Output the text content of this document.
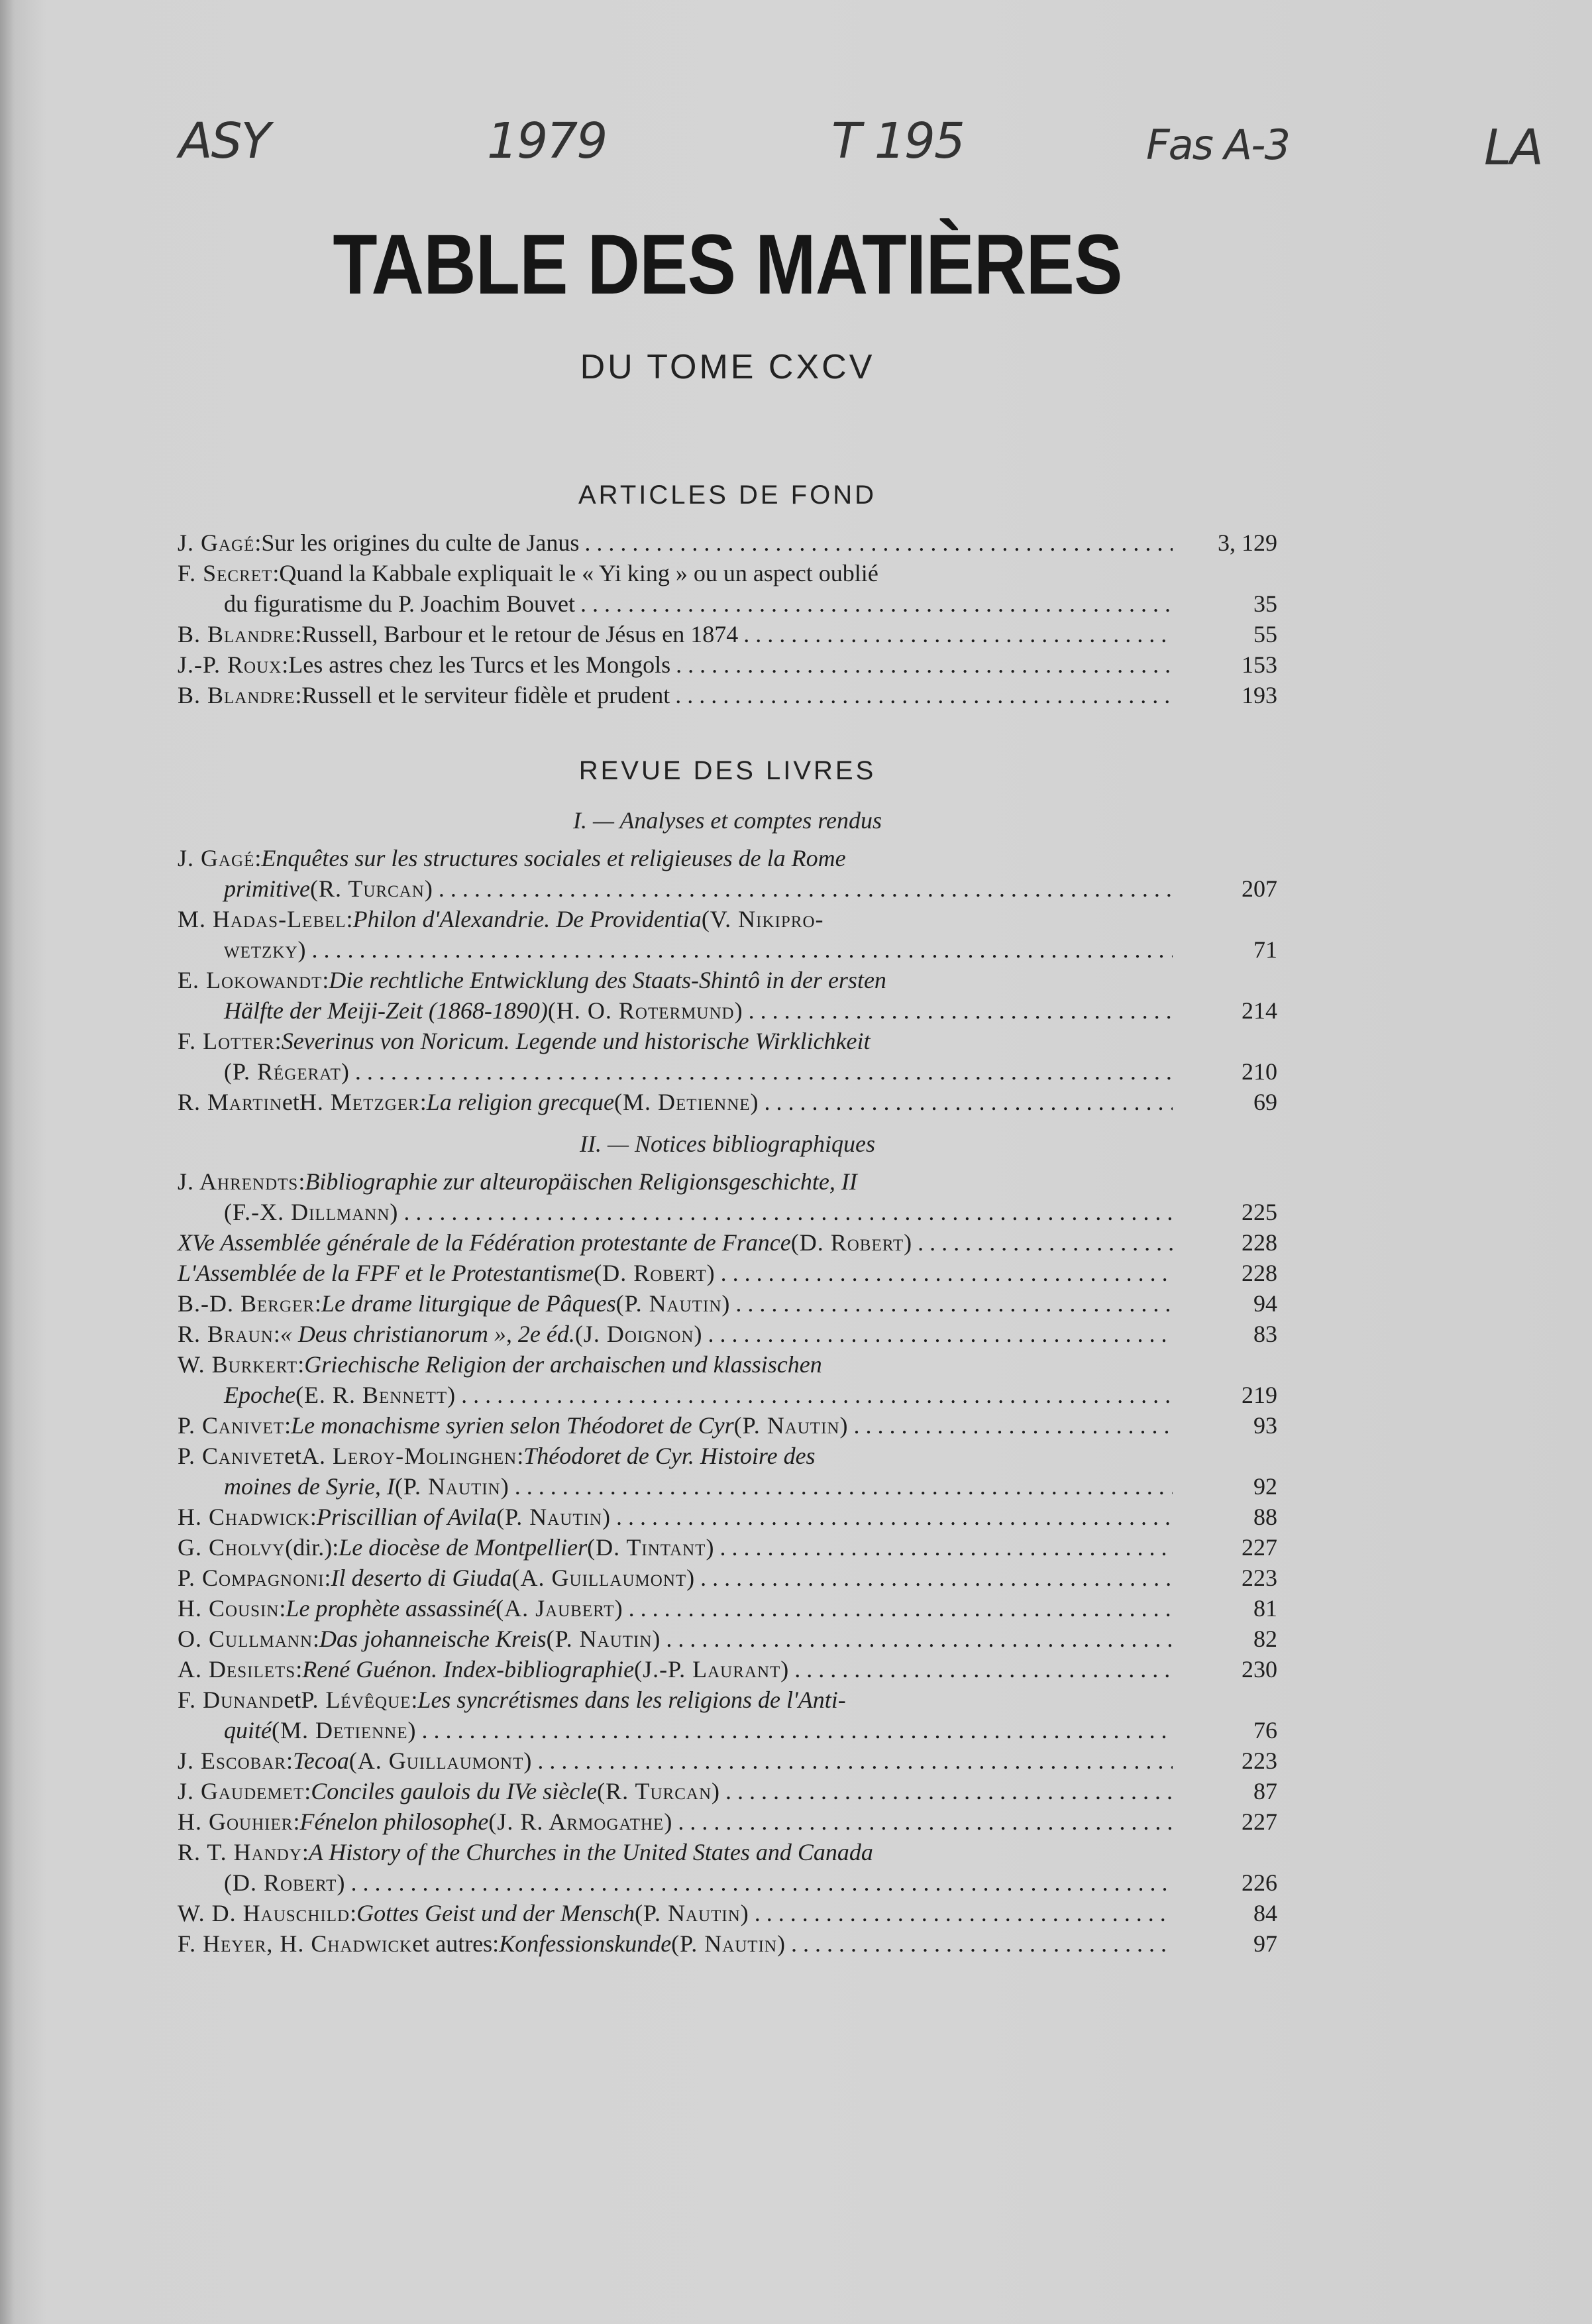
ASY	1979	T 195	Fas A-3	LA
TABLE DES MATIÈRES
DU TOME CXCV
ARTICLES DE FOND
J. Gagé : Sur les origines du culte de Janus . . .	3, 129
F. Secret : Quand la Kabbale expliquait le « Yi king » ou un aspect oublié
du figuratisme du P. Joachim Bouvet . . .	35
B. Blandre : Russell, Barbour et le retour de Jésus en 1874 . . .	55
J.-P. Roux : Les astres chez les Turcs et les Mongols . . .	153
B. Blandre : Russell et le serviteur fidèle et prudent . . .	193
REVUE DES LIVRES
I. — Analyses et comptes rendus
J. Gagé : Enquêtes sur les structures sociales et religieuses de la Rome
primitive (R. Turcan) . . .	207
M. Hadas-Lebel : Philon d'Alexandrie. De Providentia (V. Nikipro-
wetzky) . . .	71
E. Lokowandt : Die rechtliche Entwicklung des Staats-Shintô in der ersten
Hälfte der Meiji-Zeit (1868-1890) (H. O. Rotermund) . . .	214
F. Lotter : Severinus von Noricum. Legende und historische Wirklichkeit
(P. Régerat) . . .	210
R. Martin et H. Metzger : La religion grecque (M. Detienne) . . .	69
II. — Notices bibliographiques
J. Ahrendts : Bibliographie zur alteuropäischen Religionsgeschichte, II
(F.-X. Dillmann) . . .	225
XVe Assemblée générale de la Fédération protestante de France (D. Robert) . . .	228
L'Assemblée de la FPF et le Protestantisme (D. Robert) . . .	228
B.-D. Berger : Le drame liturgique de Pâques (P. Nautin) . . .	94
R. Braun : « Deus christianorum », 2e éd. (J. Doignon) . . .	83
W. Burkert : Griechische Religion der archaischen und klassischen
Epoche (E. R. Bennett) . . .	219
P. Canivet : Le monachisme syrien selon Théodoret de Cyr (P. Nautin) . . .	93
P. Canivet et A. Leroy-Molinghen : Théodoret de Cyr. Histoire des
moines de Syrie, I (P. Nautin) . . .	92
H. Chadwick : Priscillian of Avila (P. Nautin) . . .	88
G. Cholvy (dir.) : Le diocèse de Montpellier (D. Tintant) . . .	227
P. Compagnoni : Il deserto di Giuda (A. Guillaumont) . . .	223
H. Cousin : Le prophète assassiné (A. Jaubert) . . .	81
O. Cullmann : Das johanneische Kreis (P. Nautin) . . .	82
A. Desilets : René Guénon. Index-bibliographie (J.-P. Laurant) . . .	230
F. Dunand et P. Lévêque : Les syncrétismes dans les religions de l'Anti-
quité (M. Detienne) . . .	76
J. Escobar : Tecoa (A. Guillaumont) . . .	223
J. Gaudemet : Conciles gaulois du IVe siècle (R. Turcan) . . .	87
H. Gouhier : Fénelon philosophe (J. R. Armogathe) . . .	227
R. T. Handy : A History of the Churches in the United States and Canada
(D. Robert) . . .	226
W. D. Hauschild : Gottes Geist und der Mensch (P. Nautin) . . .	84
F. Heyer, H. Chadwick et autres : Konfessionskunde (P. Nautin) . . .	97
